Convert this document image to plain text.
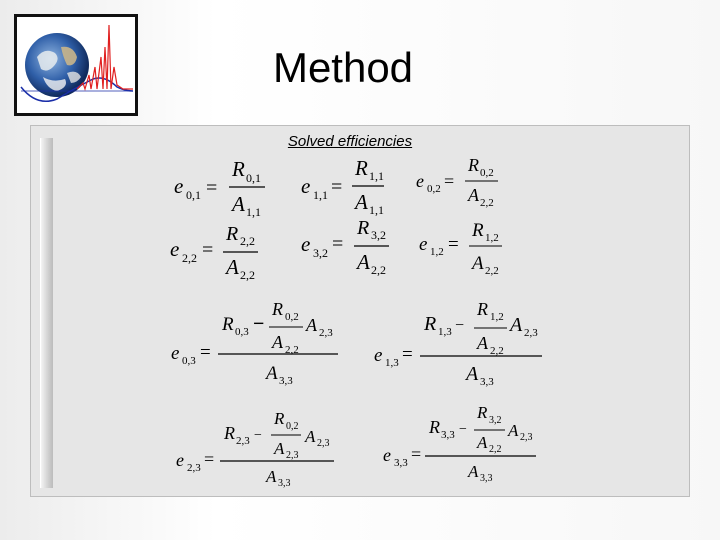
Method
Solved efficiencies
e 0,1 =
R 0,1
A 1,1
e 1,1 =
R 1,1
A 1,1
e 0,2 =
R 0,2
A 2,2
e 2,2 =
R 2,2
A 2,2
e 3,2 =
R 3,2
A 2,2
e 1,2 =
R 1,2
A 2,2
e 0,3 =
R 0,3 −
R 0,2
A 2,2
A 2,3
A 3,3
e 1,3 =
R 1,3 −
R 1,2
A 2,2
A 2,3
A 3,3
e 2,3 =
R 2,3 −
R 0,2
A 2,3
A 2,3
A 3,3
e 3,3 =
R 3,3 −
R 3,2
A 2,2
A 2,3
A 3,3
